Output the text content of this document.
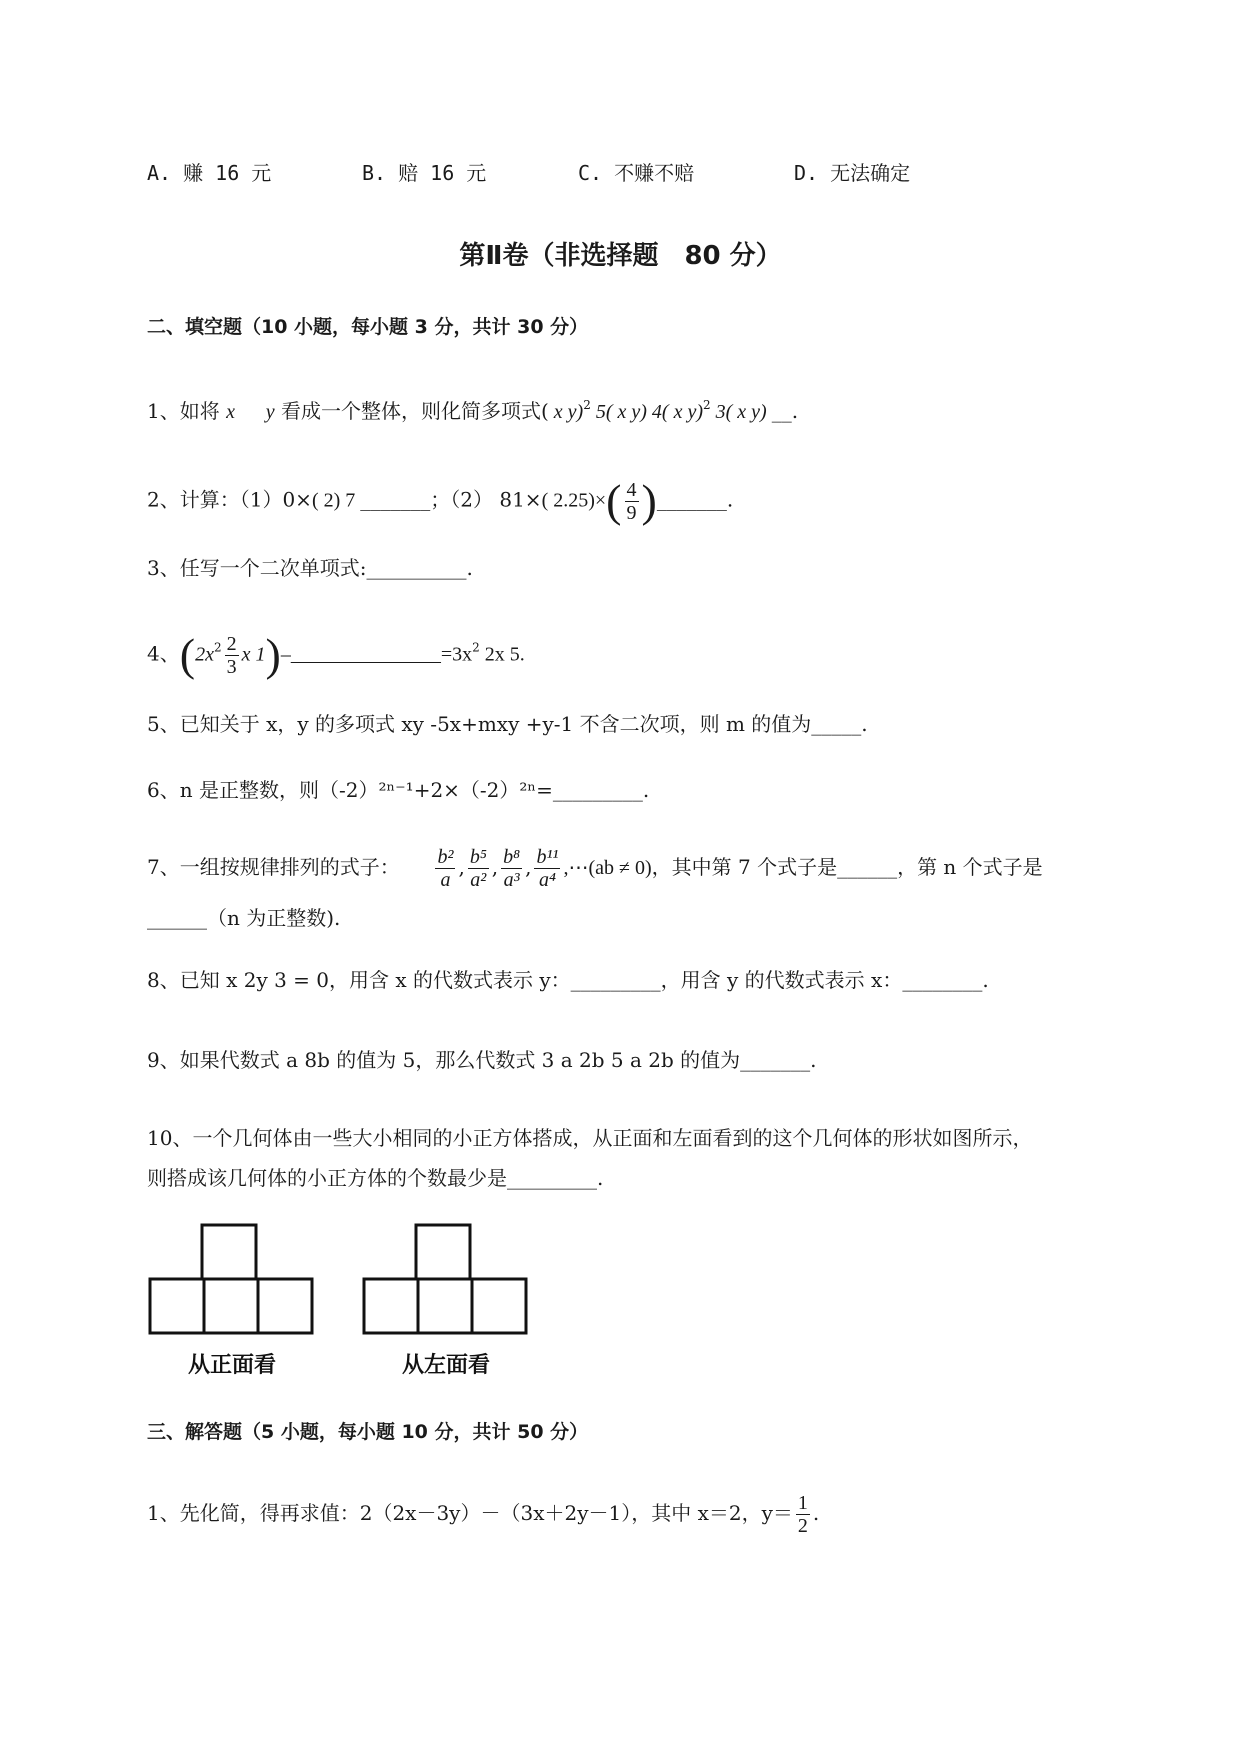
A. 赚 16 元	B. 赔 16 元	C. 不赚不赔	D. 无法确定
第Ⅱ卷（非选择题　80 分）
二、填空题（10 小题，每小题 3 分，共计 30 分）
1、如将 x y 看成一个整体，则化简多项式( x y)$^2$ 5( x y) 4( x y)$^2$ 3( x y) __.
2、计算：（1）0×( 2) 7 _______；（2） 81×( $2.25)\times( \frac{4}{9}$ )_______.
3、任写一个二次单项式:__________.
4、($2x^2 \frac{2}{3}$ x $1)-\_\_\_\_\_\_\_\_\_\_\_\_\_\_\_=3x^2$ 2x 5.
5、已知关于 x，y 的多项式 xy -5x+mxy +y-1 不含二次项，则 m 的值为_____.
6、n 是正整数，则（-2）²ⁿ⁻¹+2×（-2）²ⁿ=_________.
7、一组按规律排列的式子： $\frac{\text{b²}}{a}$ , $\frac{\text{b⁵}}{\text{a²}}$ , $\frac{\text{b⁸}}{\text{a³}}$ , $\frac{\text{b¹¹}}{\text{a⁴}}$ ,⋯(ab ≠ 0)，其中第 7 个式子是______，第 n 个式子是
______（n 为正整数).
8、已知 x 2y 3 = 0，用含 x 的代数式表示 y：_________，用含 y 的代数式表示 x：________.
9、如果代数式 a 8b 的值为 5，那么代数式 3 a 2b 5 a 2b 的值为_______.
10、一个几何体由一些大小相同的小正方体搭成，从正面和左面看到的这个几何体的形状如图所示，
则搭成该几何体的小正方体的个数最少是_________.
从正面看	从左面看
三、解答题（5 小题，每小题 10 分，共计 50 分）
1、先化简，得再求值：2（2x－3y）－（3x＋2y－1），其中 x＝2，$y= \frac{1}{2}$ .
